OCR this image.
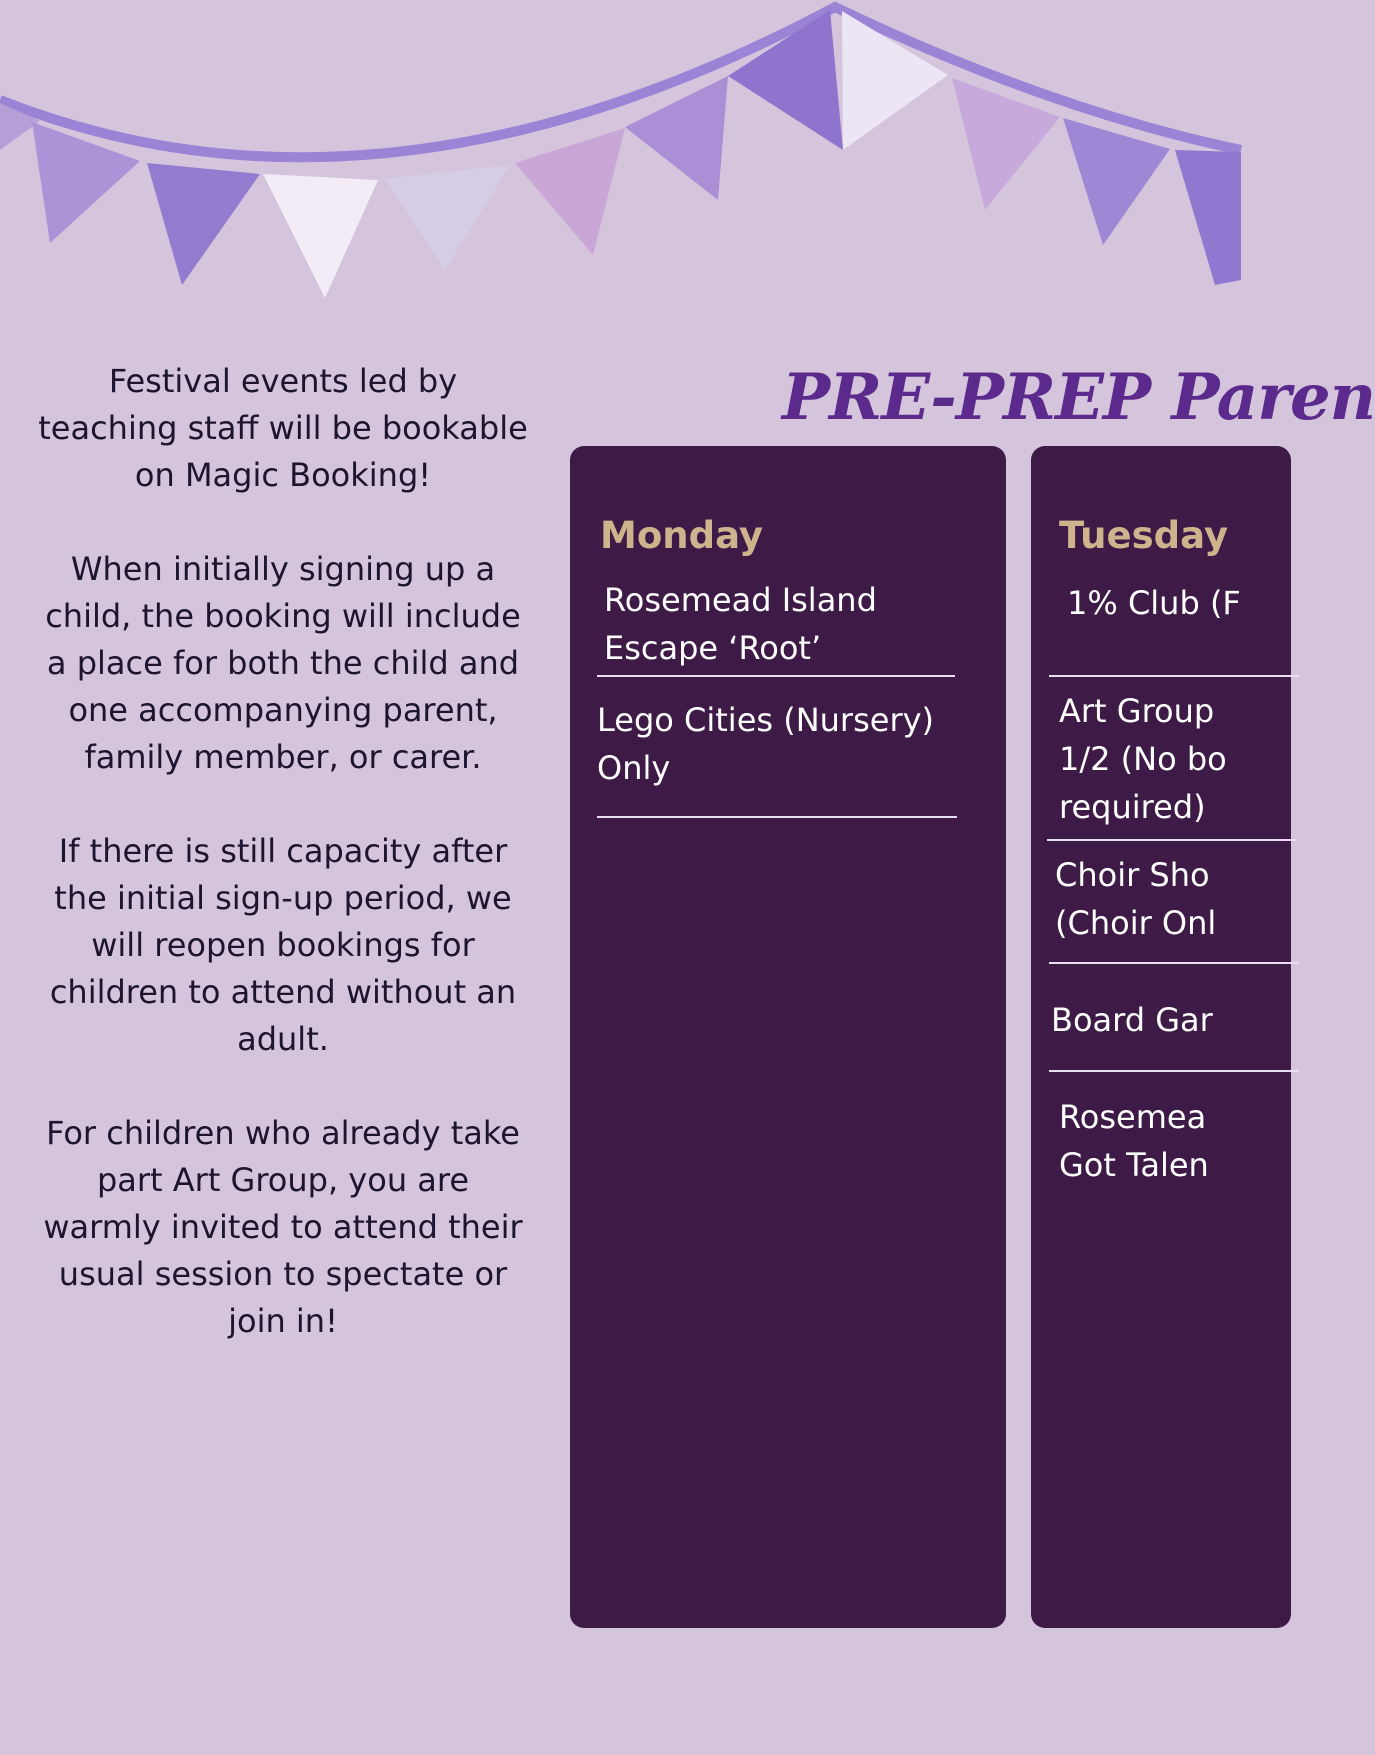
Festival events led by teaching staff will be bookable on Magic Booking!

When initially signing up a child, the booking will include a place for both the child and one accompanying parent, family member, or carer.

If there is still capacity after the initial sign-up period, we will reopen bookings for children to attend without an adult.

For children who already take part Art Group, you are warmly invited to attend their usual session to spectate or join in!

PRE-PREP Paren
Monday
Rosemead Island
Escape ‘Root’
Lego Cities (Nursery)
Only
Tuesday
1% Club (F
Art Group
1/2 (No bo
required)
Choir Sho
(Choir Onl
Board Gar
Rosemea
Got Talen
